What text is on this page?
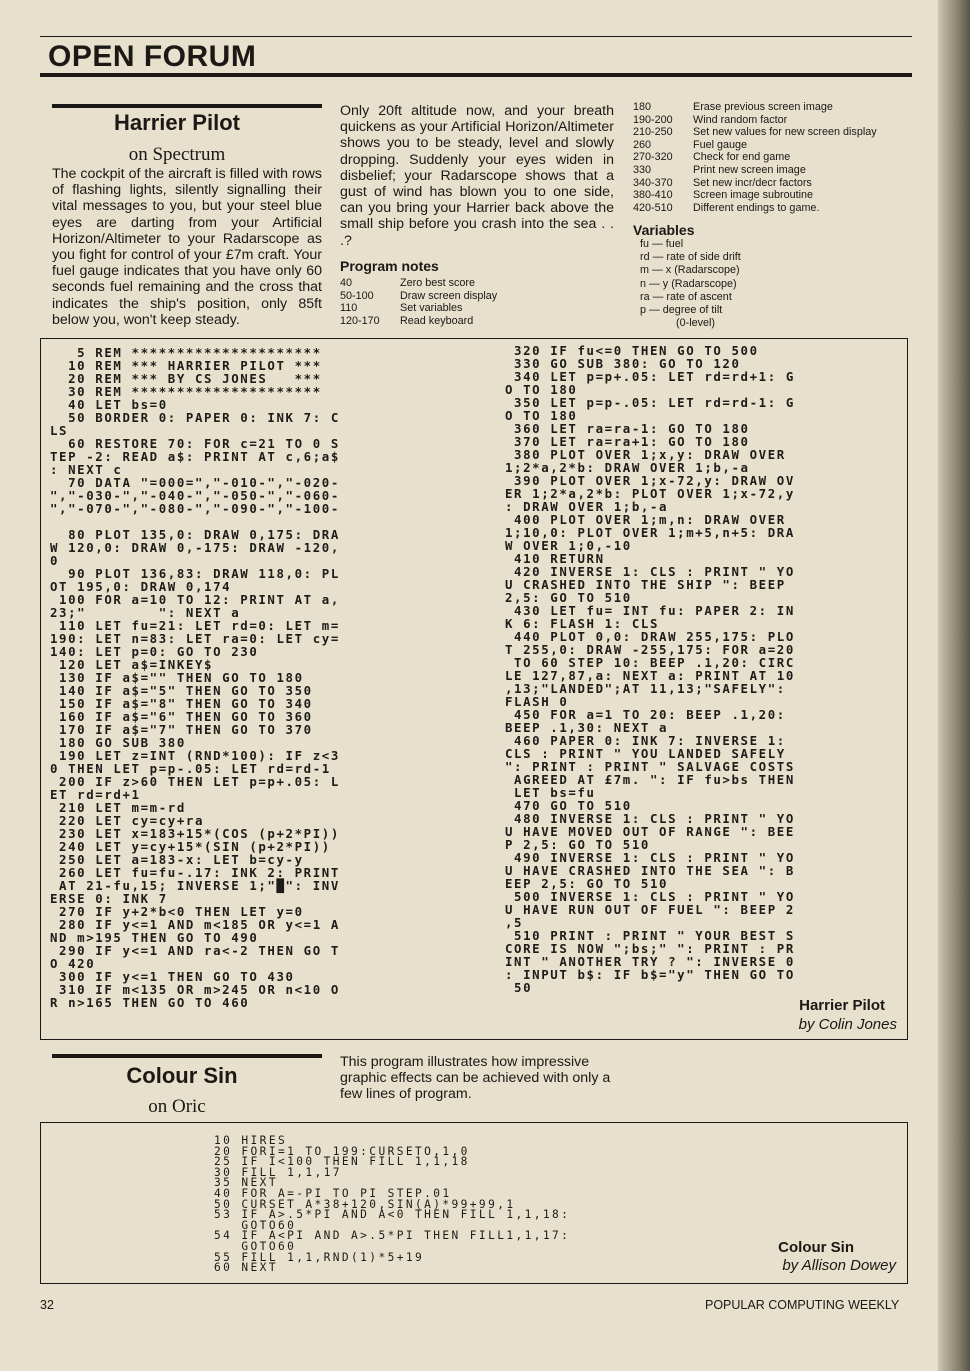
OPEN FORUM
Harrier Pilot
on Spectrum
The cockpit of the aircraft is filled with rows of flashing lights, silently signalling their vital messages to you, but your steel blue eyes are darting from your Artificial Horizon/Altimeter to your Radarscope as you fight for control of your £7m craft. Your fuel gauge indicates that you have only 60 seconds fuel remaining and the cross that indicates the ship's position, only 85ft below you, won't keep steady.
Only 20ft altitude now, and your breath quickens as your Artificial Horizon/Altimeter shows you to be steady, level and slowly dropping. Suddenly your eyes widen in disbelief; your Radarscope shows that a gust of wind has blown you to one side, can you bring your Harrier back above the small ship before you crash into the sea . . .?
Program notes
40	Zero best score
50-100	Draw screen display
110	Set variables
120-170	Read keyboard
180	Erase previous screen image
190-200	Wind random factor
210-250	Set new values for new screen display
260	Fuel gauge
270-320	Check for end game
330	Print new screen image
340-370	Set new incr/decr factors
380-410	Screen image subroutine
420-510	Different endings to game.
Variables
fu — fuel
rd — rate of side drift
m — x (Radarscope)
n — y (Radarscope)
ra — rate of ascent
p — degree of tilt
(0-level)
5 REM *********************
10 REM *** HARRIER PILOT ***
20 REM *** BY CS JONES   ***
30 REM *********************
40 LET bs=0
50 BORDER 0: PAPER 0: INK 7: C
LS
60 RESTORE 70: FOR c=21 TO 0 S
TEP -2: READ a$: PRINT AT c,6;a$
: NEXT c
70 DATA "=000=","-010-","-020-
","-030-","-040-","-050-","-060-
","-070-","-080-","-090-","-100-

80 PLOT 135,0: DRAW 0,175: DRA
W 120,0: DRAW 0,-175: DRAW -120,
0
90 PLOT 136,83: DRAW 118,0: PL
OT 195,0: DRAW 0,174
100 FOR a=10 TO 12: PRINT AT a,
23;"        ": NEXT a
110 LET fu=21: LET rd=0: LET m=
190: LET n=83: LET ra=0: LET cy=
140: LET p=0: GO TO 230
120 LET a$=INKEY$
130 IF a$="" THEN GO TO 180
140 IF a$="5" THEN GO TO 350
150 IF a$="8" THEN GO TO 340
160 IF a$="6" THEN GO TO 360
170 IF a$="7" THEN GO TO 370
180 GO SUB 380
190 LET z=INT (RND*100): IF z<3
0 THEN LET p=p-.05: LET rd=rd-1
200 IF z>60 THEN LET p=p+.05: L
ET rd=rd+1
210 LET m=m-rd
220 LET cy=cy+ra
230 LET x=183+15*(COS (p+2*PI))
240 LET y=cy+15*(SIN (p+2*PI))
250 LET a=183-x: LET b=cy-y
260 LET fu=fu-.17: INK 2: PRINT
AT 21-fu,15; INVERSE 1;"█": INV
ERSE 0: INK 7
270 IF y+2*b<0 THEN LET y=0
280 IF y<=1 AND m<185 OR y<=1 A
ND m>195 THEN GO TO 490
290 IF y<=1 AND ra<-2 THEN GO T
O 420
300 IF y<=1 THEN GO TO 430
310 IF m<135 OR m>245 OR n<10 O
R n>165 THEN GO TO 460
320 IF fu<=0 THEN GO TO 500
330 GO SUB 380: GO TO 120
340 LET p=p+.05: LET rd=rd+1: G
O TO 180
350 LET p=p-.05: LET rd=rd-1: G
O TO 180
360 LET ra=ra-1: GO TO 180
370 LET ra=ra+1: GO TO 180
380 PLOT OVER 1;x,y: DRAW OVER
1;2*a,2*b: DRAW OVER 1;b,-a
390 PLOT OVER 1;x-72,y: DRAW OV
ER 1;2*a,2*b: PLOT OVER 1;x-72,y
: DRAW OVER 1;b,-a
400 PLOT OVER 1;m,n: DRAW OVER
1;10,0: PLOT OVER 1;m+5,n+5: DRA
W OVER 1;0,-10
410 RETURN
420 INVERSE 1: CLS : PRINT " YO
U CRASHED INTO THE SHIP ": BEEP
2,5: GO TO 510
430 LET fu= INT fu: PAPER 2: IN
K 6: FLASH 1: CLS
440 PLOT 0,0: DRAW 255,175: PLO
T 255,0: DRAW -255,175: FOR a=20
TO 60 STEP 10: BEEP .1,20: CIRC
LE 127,87,a: NEXT a: PRINT AT 10
,13;"LANDED";AT 11,13;"SAFELY":
FLASH 0
450 FOR a=1 TO 20: BEEP .1,20:
BEEP .1,30: NEXT a
460 PAPER 0: INK 7: INVERSE 1:
CLS : PRINT " YOU LANDED SAFELY
": PRINT : PRINT " SALVAGE COSTS
AGREED AT £7m. ": IF fu>bs THEN
LET bs=fu
470 GO TO 510
480 INVERSE 1: CLS : PRINT " YO
U HAVE MOVED OUT OF RANGE ": BEE
P 2,5: GO TO 510
490 INVERSE 1: CLS : PRINT " YO
U HAVE CRASHED INTO THE SEA ": B
EEP 2,5: GO TO 510
500 INVERSE 1: CLS : PRINT " YO
U HAVE RUN OUT OF FUEL ": BEEP 2
,5
510 PRINT : PRINT " YOUR BEST S
CORE IS NOW ";bs;" ": PRINT : PR
INT " ANOTHER TRY ? ": INVERSE 0
: INPUT b$: IF b$="y" THEN GO TO
50
Harrier Pilot
by Colin Jones
Colour Sin
on Oric
This program illustrates how impressive graphic effects can be achieved with only a few lines of program.
10 HIRES
20 FORI=1 TO 199:CURSETO,1,0
25 IF I<100 THEN FILL 1,1,18
30 FILL 1,1,17
35 NEXT
40 FOR A=-PI TO PI STEP.01
50 CURSET A*38+120,SIN(A)*99+99,1
53 IF A>.5*PI AND A<0 THEN FILL 1,1,18:
GOTO60
54 IF A<PI AND A>.5*PI THEN FILL1,1,17:
GOTO60
55 FILL 1,1,RND(1)*5+19
60 NEXT
Colour Sin
by Allison Dowey
32	POPULAR COMPUTING WEEKLY
